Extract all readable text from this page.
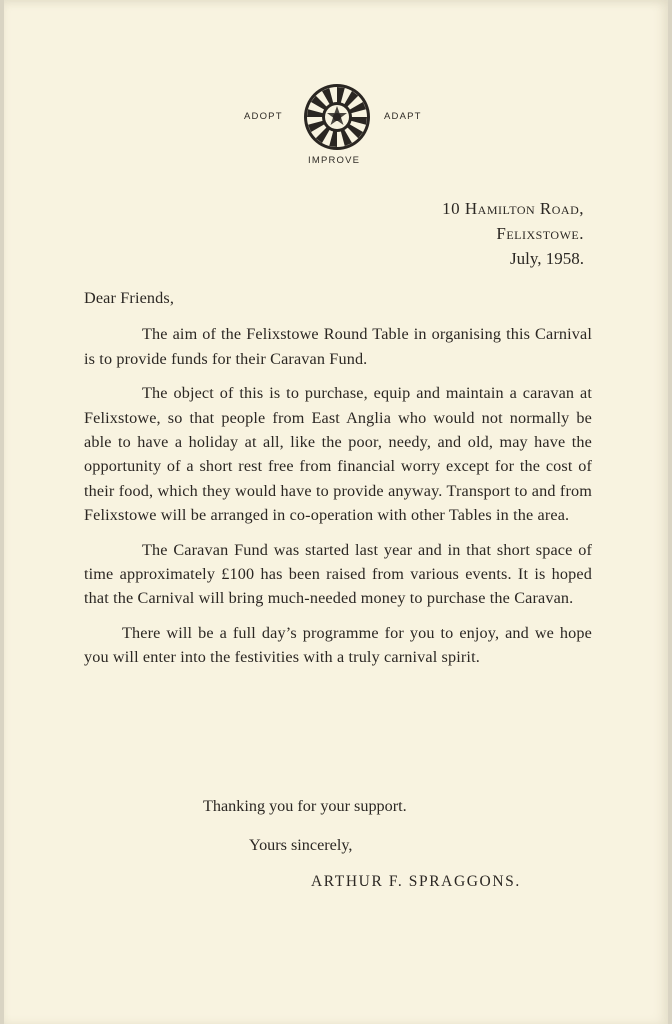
ADOPT	ADAPT
IMPROVE
10 Hamilton Road,
Felixstowe.
July, 1958.
Dear Friends,

The aim of the Felixstowe Round Table in organising this Carnival is to provide funds for their Caravan Fund.

The object of this is to purchase, equip and maintain a caravan at Felixstowe, so that people from East Anglia who would not normally be able to have a holiday at all, like the poor, needy, and old, may have the opportunity of a short rest free from financial worry except for the cost of their food, which they would have to provide anyway. Transport to and from Felixstowe will be arranged in co-operation with other Tables in the area.

The Caravan Fund was started last year and in that short space of time approximately £100 has been raised from various events. It is hoped that the Carnival will bring much-needed money to purchase the Caravan.

There will be a full day’s programme for you to enjoy, and we hope you will enter into the festivities with a truly carnival spirit.

Thanking you for your support.
Yours sincerely,
ARTHUR F. SPRAGGONS.
